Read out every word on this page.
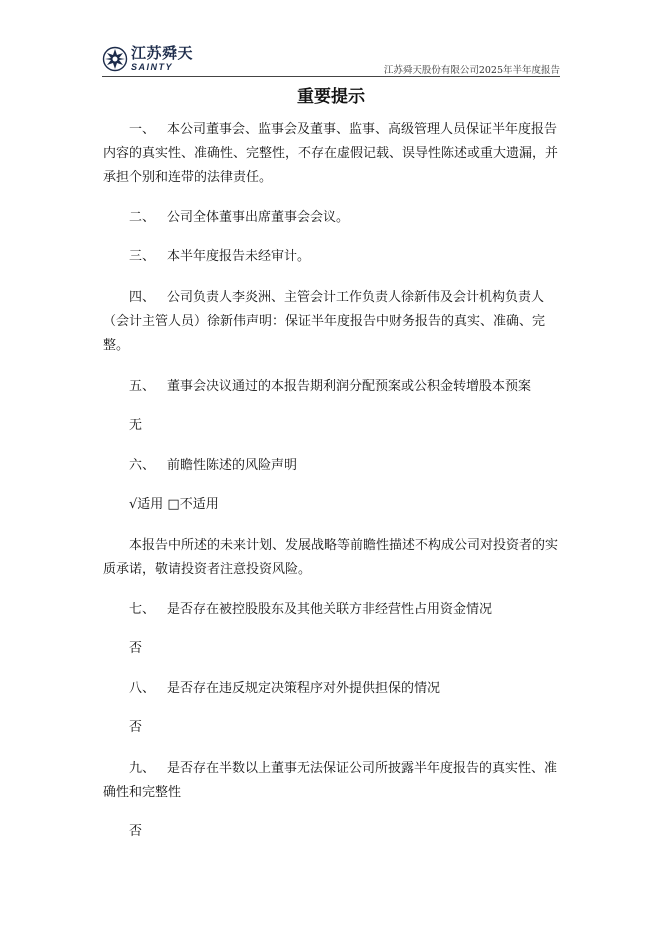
江苏舜天
SAINTY	江苏舜天股份有限公司2025年半年度报告
重要提示

一、 本公司董事会、监事会及董事、监事、高级管理人员保证半年度报告内容的真实性、准确性、完整性，不存在虚假记载、误导性陈述或重大遗漏，并承担个别和连带的法律责任。

二、 公司全体董事出席董事会会议。

三、 本半年度报告未经审计。

四、 公司负责人李炎洲、主管会计工作负责人徐新伟及会计机构负责人（会计主管人员）徐新伟声明：保证半年度报告中财务报告的真实、准确、完整。

五、 董事会决议通过的本报告期利润分配预案或公积金转增股本预案

无

六、 前瞻性陈述的风险声明

√适用 □不适用

本报告中所述的未来计划、发展战略等前瞻性描述不构成公司对投资者的实质承诺，敬请投资者注意投资风险。

七、 是否存在被控股股东及其他关联方非经营性占用资金情况

否

八、 是否存在违反规定决策程序对外提供担保的情况

否

九、 是否存在半数以上董事无法保证公司所披露半年度报告的真实性、准确性和完整性

否
